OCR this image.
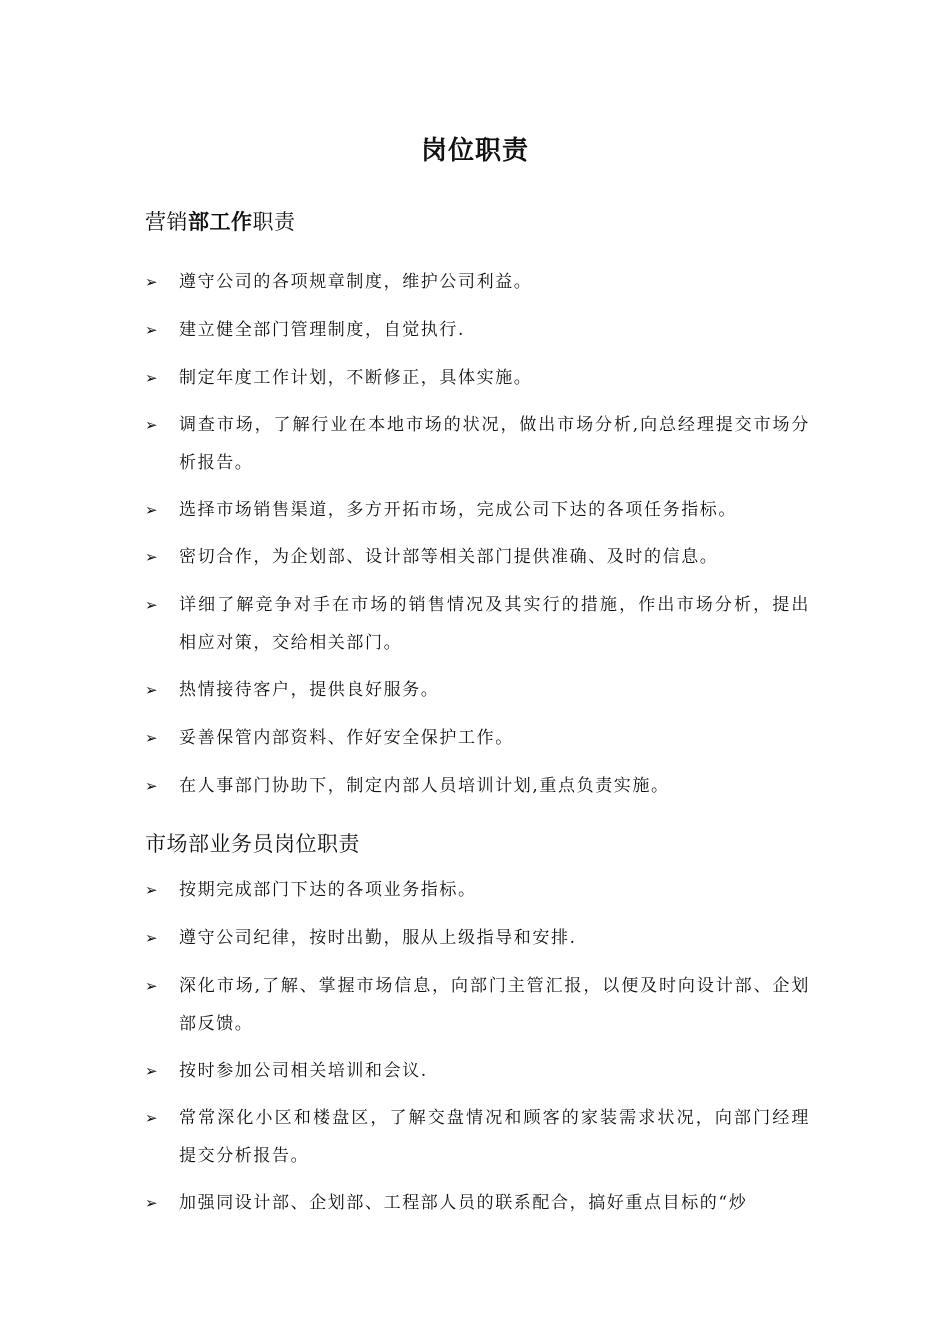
岗位职责
营销部工作职责
➢ 遵守公司的各项规章制度，维护公司利益。
➢ 建立健全部门管理制度，自觉执行.
➢ 制定年度工作计划，不断修正，具体实施。
➢ 调查市场，了解行业在本地市场的状况，做出市场分析,向总经理提交市场分析报告。
➢ 选择市场销售渠道，多方开拓市场，完成公司下达的各项任务指标。
➢ 密切合作，为企划部、设计部等相关部门提供准确、及时的信息。
➢ 详细了解竞争对手在市场的销售情况及其实行的措施，作出市场分析，提出相应对策，交给相关部门。
➢ 热情接待客户，提供良好服务。
➢ 妥善保管内部资料、作好安全保护工作。
➢ 在人事部门协助下，制定内部人员培训计划,重点负责实施。
市场部业务员岗位职责
➢ 按期完成部门下达的各项业务指标。
➢ 遵守公司纪律，按时出勤，服从上级指导和安排.
➢ 深化市场,了解、掌握市场信息，向部门主管汇报，以便及时向设计部、企划部反馈。
➢ 按时参加公司相关培训和会议.
➢ 常常深化小区和楼盘区，了解交盘情况和顾客的家装需求状况，向部门经理提交分析报告。
➢ 加强同设计部、企划部、工程部人员的联系配合，搞好重点目标的“炒
